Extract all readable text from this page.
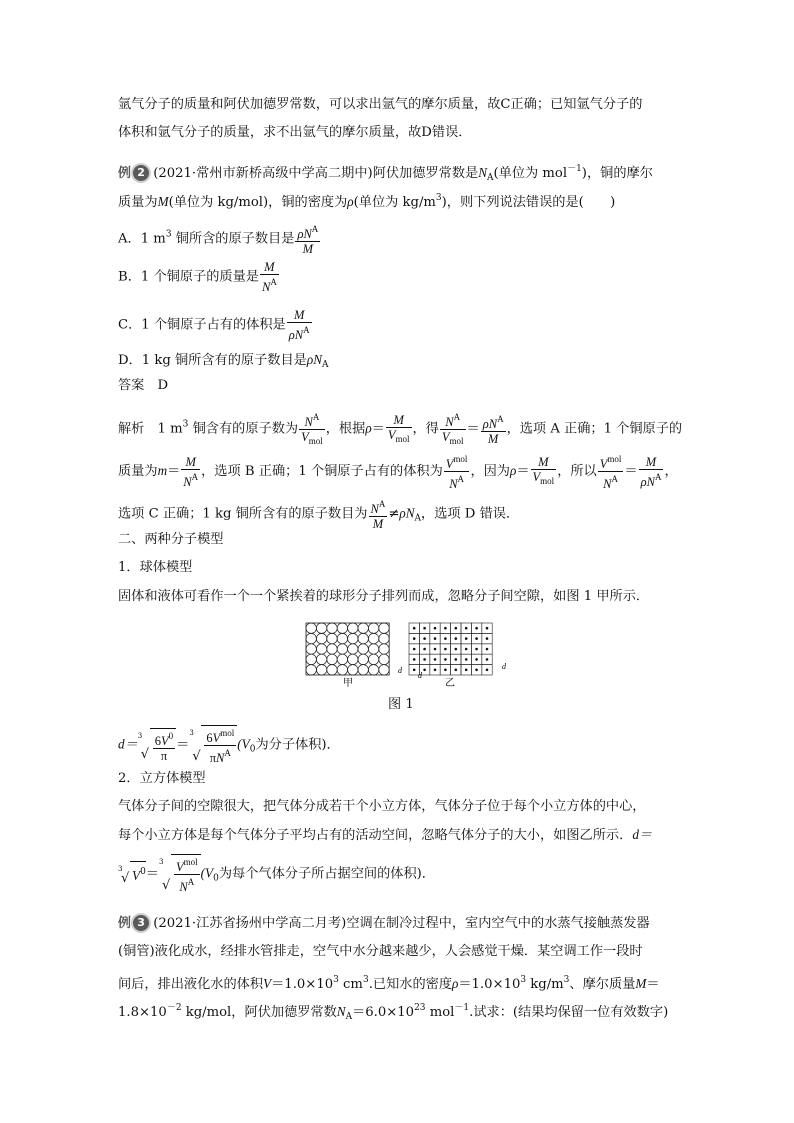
氩气分子的质量和阿伏加德罗常数，可以求出氩气的摩尔质量，故C正确；已知氩气分子的
体积和氩气分子的质量，求不出氩气的摩尔质量，故D错误．
例 2 (2021·常州市新桥高级中学高二期中)阿伏加德罗常数是$N_A$(单位为 mol$^{-1}$)，铜的摩尔
质量为M(单位为 kg/mol)，铜的密度为ρ(单位为 $kg/m^3$)，则下列说法错误的是(　　)
A．1 $m^3$ 铜所含的原子数目是 $\frac{\rho N^A}{M}$
B．1 个铜原子的质量是 $\frac{M}{N^A}$
C．1 个铜原子占有的体积是 $\frac{M}{\rho N^A}$
D．1 kg 铜所含有的原子数目是$\rho N_A$
答案　D
解析　1 $m^3$ 铜含有的原子数为 $\frac{N^A}{V_{mol}}$ ，根据$\rho= \frac{M}{V_{mol}}$ ，得 $\frac{N^A}{V_{mol}} = \frac{\rho N^A}{M}$ ，选项 A 正确；1 个铜原子的
质量为$m= \frac{M}{N^A}$ ，选项 B 正确；1 个铜原子占有的体积为 $\frac{V^{mol}}{N^A}$ ，因为$\rho= \frac{M}{V_{mol}}$ ，所以 $\frac{V^{mol}}{N^A} = \frac{M}{\rho N^A}$ ，
选项 C 正确；1 kg 铜所含有的原子数目为 $\frac{N^A}{M} \ne\rho N_A$，选项 D 错误．
二、两种分子模型
1．球体模型
固体和液体可看作一个一个紧挨着的球形分子排列而成，忽略分子间空隙，如图 1 甲所示．
d	d
d
甲	乙
图 1
d＝
3
√ $\frac{6V^0}{\pi}$ ＝
3
√ $\frac{6V^{mol}}{\pi N^A} (V_0$为分子体积)．
2．立方体模型
气体分子间的空隙很大，把气体分成若干个小立方体，气体分子位于每个小立方体的中心，
每个小立方体是每个气体分子平均占有的活动空间，忽略气体分子的大小，如图乙所示．d＝
3
√ $V^0=$
3
√ $\frac{V^{mol}}{N^A} (V_0$为每个气体分子所占据空间的体积)．
例 3 (2021·江苏省扬州中学高二月考)空调在制冷过程中，室内空气中的水蒸气接触蒸发器
(铜管)液化成水，经排水管排走，空气中水分越来越少，人会感觉干燥．某空调工作一段时
间后，排出液化水的体积$V=1.0\times 10^3$ $cm^3$.已知水的密度$\rho=1.0\times 10^3$ $kg/m^3$、摩尔质量M＝
$1.8\times 10^{-2}$ kg/mol，阿伏加德罗常数$N_A=6.0\times 10^{23}$ mol$^{-1}$.试求：(结果均保留一位有效数字)
